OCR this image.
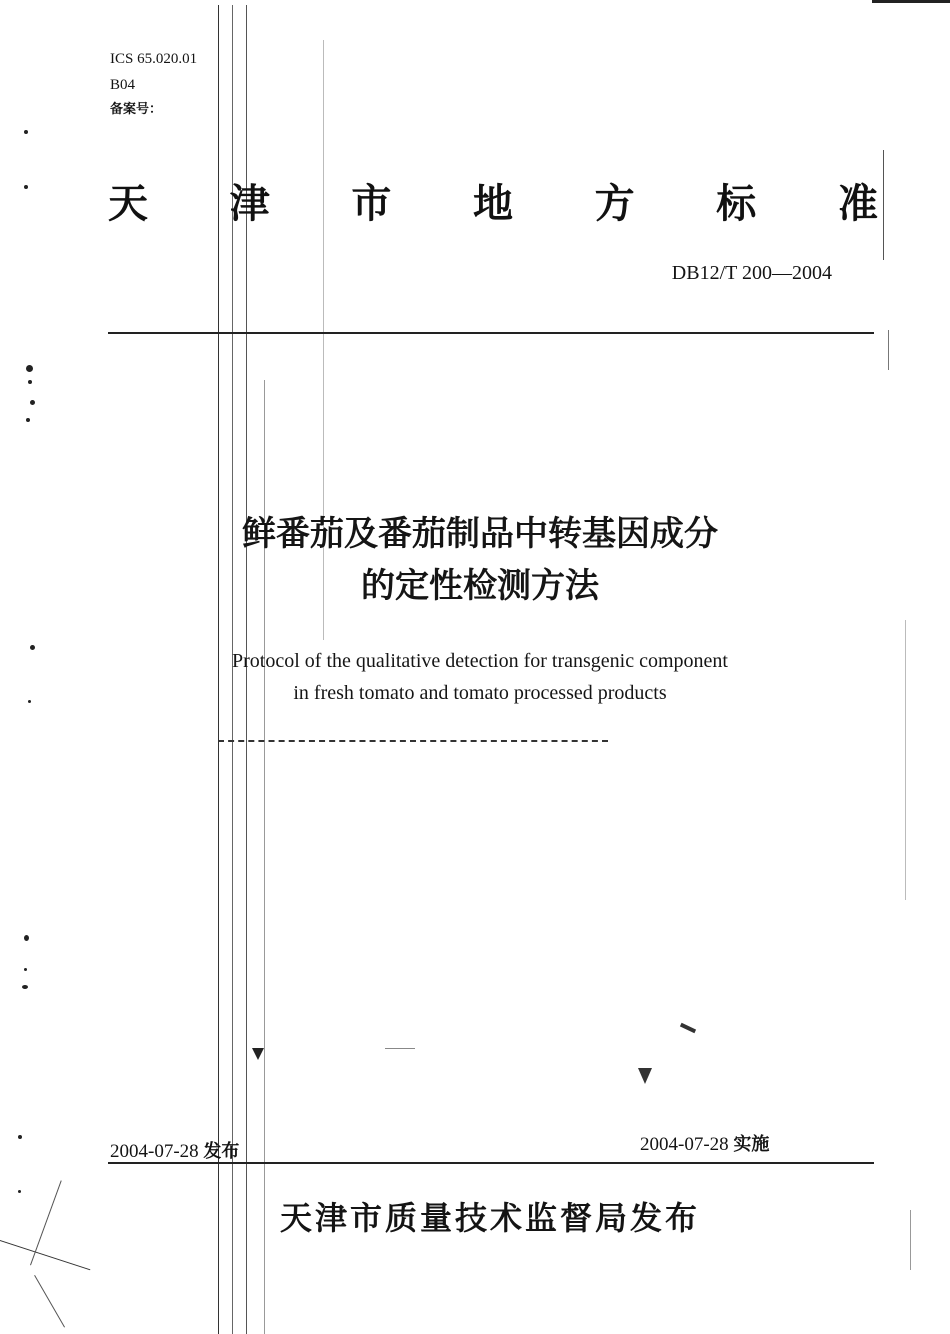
ICS 65.020.01
B04
备案号：
天 津 市 地 方 标 准
DB12/T 200—2004
鲜番茄及番茄制品中转基因成分
的定性检测方法
Protocol of the qualitative detection for transgenic component
in fresh tomato and tomato processed products
2004-07-28 发布	2004-07-28 实施
天津市质量技术监督局发布
